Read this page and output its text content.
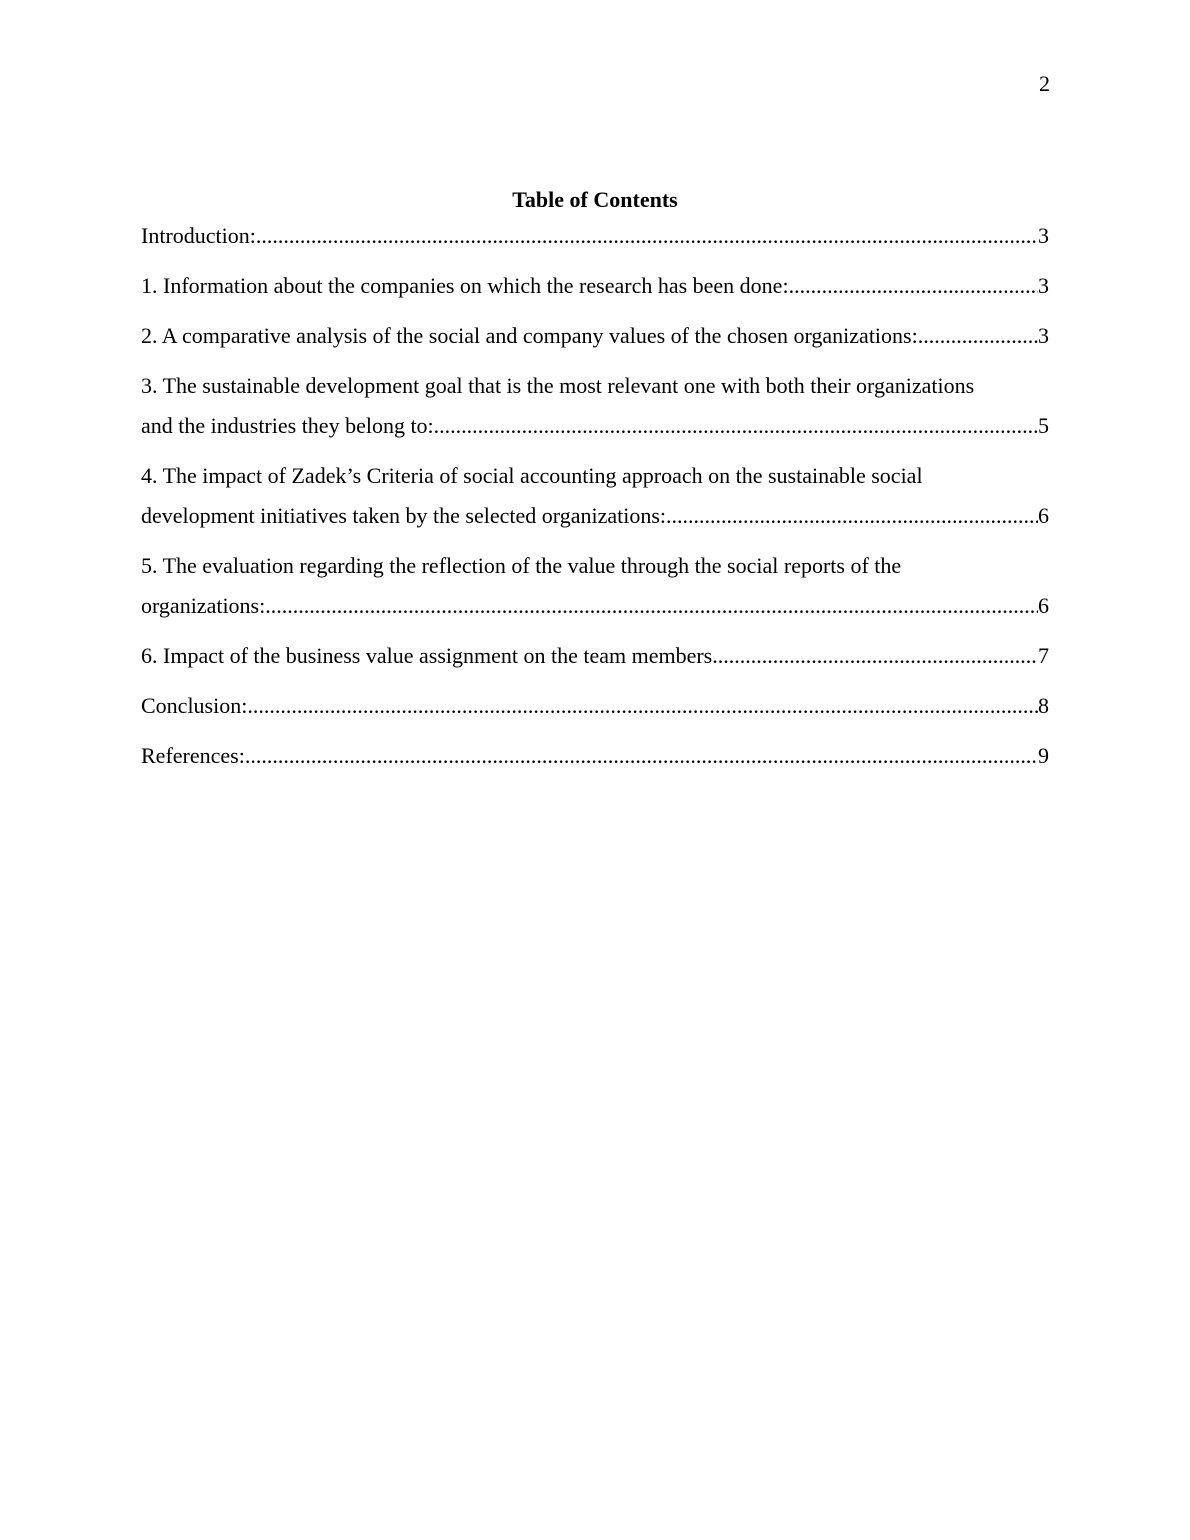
2
Table of Contents
Introduction: .....	3
1. Information about the companies on which the research has been done: .....	3
2. A comparative analysis of the social and company values of the chosen organizations: .....	3
3. The sustainable development goal that is the most relevant one with both their organizations
and the industries they belong to: .....	5
4. The impact of Zadek’s Criteria of social accounting approach on the sustainable social
development initiatives taken by the selected organizations: .....	6
5. The evaluation regarding the reflection of the value through the social reports of the
organizations: .....	6
6. Impact of the business value assignment on the team members .....	7
Conclusion: .....	8
References: .....	9
